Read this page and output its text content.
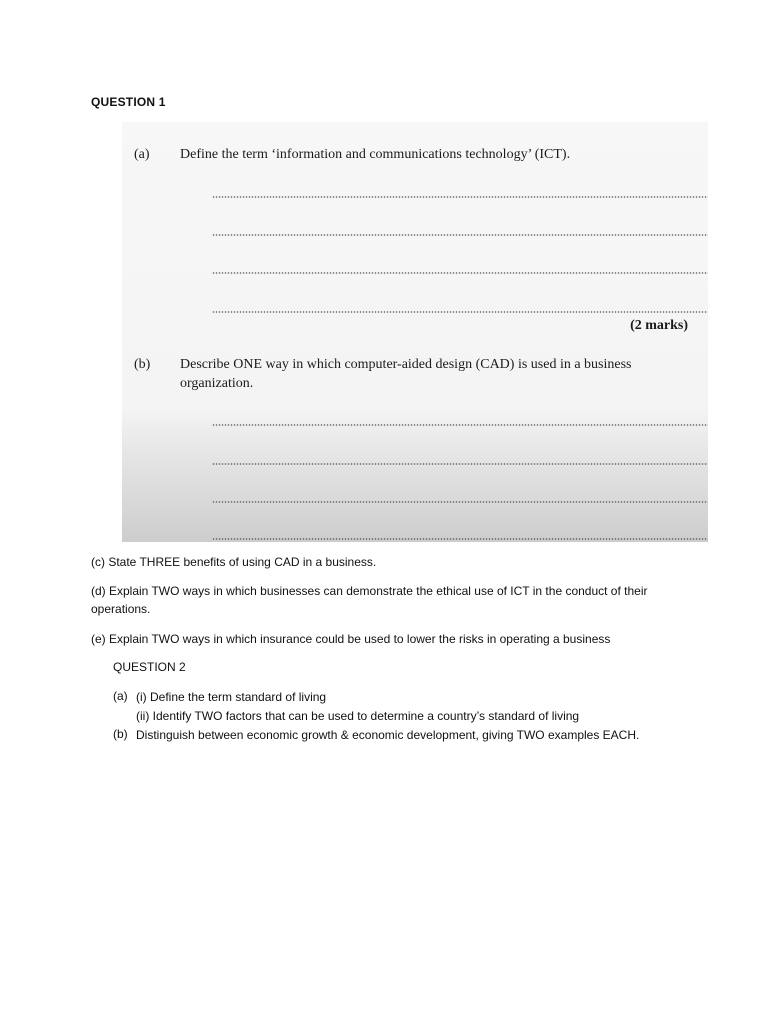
QUESTION 1
(a) Define the term ‘information and communications technology’ (ICT).
(2 marks)
(b) Describe ONE way in which computer-aided design (CAD) is used in a business
organization.
(c) State THREE benefits of using CAD in a business.
(d) Explain TWO ways in which businesses can demonstrate the ethical use of ICT in the conduct of their operations.
(e) Explain TWO ways in which insurance could be used to lower the risks in operating a business
QUESTION 2
(a) (i) Define the term standard of living
(ii) Identify TWO factors that can be used to determine a country’s standard of living
(b) Distinguish between economic growth & economic development, giving TWO examples EACH.
